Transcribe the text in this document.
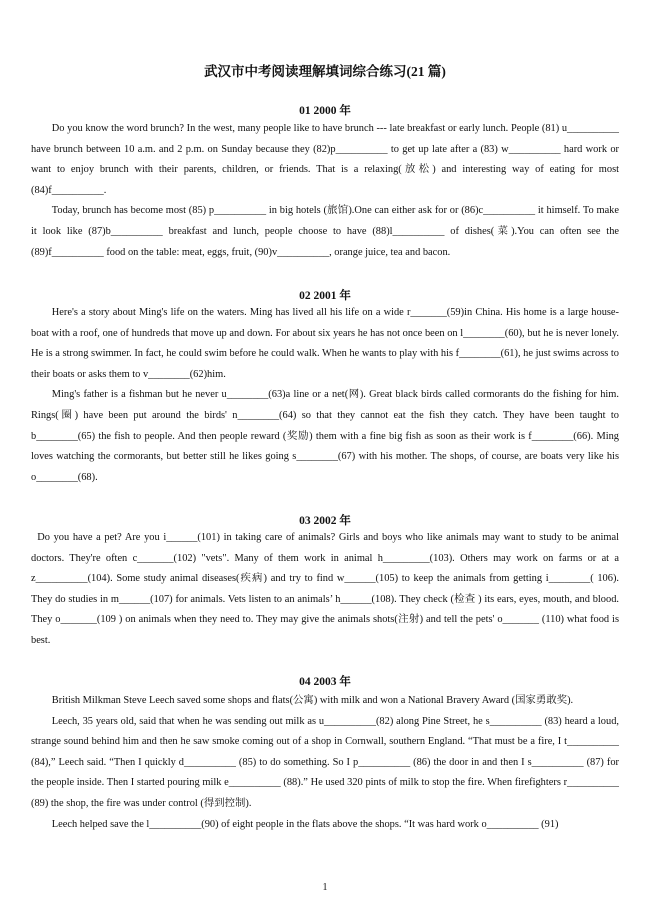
武汉市中考阅读理解填词综合练习(21 篇)
01 2000 年

Do you know the word brunch? In the west, many people like to have brunch --- late breakfast or early lunch. People (81) u__________ have brunch between 10 a.m. and 2 p.m. on Sunday because they (82)p__________ to get up late after a (83) w__________ hard work or want to enjoy brunch with their parents, children, or friends. That is a relaxing(放松) and interesting way of eating for most (84)f__________.

Today, brunch has become most (85) p__________ in big hotels (旅馆).One can either ask for or (86)c__________ it himself. To make it look like (87)b__________ breakfast and lunch, people choose to have (88)l__________ of dishes(菜).You can often see the (89)f__________ food on the table: meat, eggs, fruit, (90)v__________, orange juice, tea and bacon.

02 2001 年

Here's a story about Ming's life on the waters. Ming has lived all his life on a wide r_______(59)in China. His home is a large house-boat with a roof, one of hundreds that move up and down. For about six years he has not once been on l________(60), but he is never lonely. He is a strong swimmer. In fact, he could swim before he could walk. When he wants to play with his f________(61), he just swims across to their boats or asks them to v________(62)him.

Ming's father is a fishman but he never u________(63)a line or a net(网). Great black birds called cormorants do the fishing for him. Rings(圈) have been put around the birds' n________(64) so that they cannot eat the fish they catch. They have been taught to b________(65) the fish to people. And then people reward (奖励) them with a fine big fish as soon as their work is f________(66). Ming loves watching the cormorants, but better still he likes going s________(67) with his mother. The shops, of course, are boats very like his o________(68).

03 2002 年

Do you have a pet? Are you i______(101) in taking care of animals? Girls and boys who like animals may want to study to be animal doctors. They're often c_______(102) "vets". Many of them work in animal h_________(103). Others may work on farms or at a z__________(104). Some study animal diseases(疾病) and try to find w______(105) to keep the animals from getting i________( 106). They do studies in m______(107) for animals. Vets listen to an animals’ h______(108). They check (检查 ) its ears, eyes, mouth, and blood. They o_______(109 ) on animals when they need to. They may give the animals shots(注射) and tell the pets' o_______ (110) what food is best.

04 2003 年

British Milkman Steve Leech saved some shops and flats(公寓) with milk and won a National Bravery Award (国家勇敢奖).

Leech, 35 years old, said that when he was sending out milk as u__________(82) along Pine Street, he s__________ (83) heard a loud, strange sound behind him and then he saw smoke coming out of a shop in Cornwall, southern England. “That must be a fire, I t__________ (84),” Leech said. “Then I quickly d__________ (85) to do something. So I p__________ (86) the door in and then I s__________ (87) for the people inside. Then I started pouring milk e__________ (88).” He used 320 pints of milk to stop the fire. When firefighters r__________ (89) the shop, the fire was under control (得到控制).

Leech helped save the l__________(90) of eight people in the flats above the shops. “It was hard work o__________ (91)

1
